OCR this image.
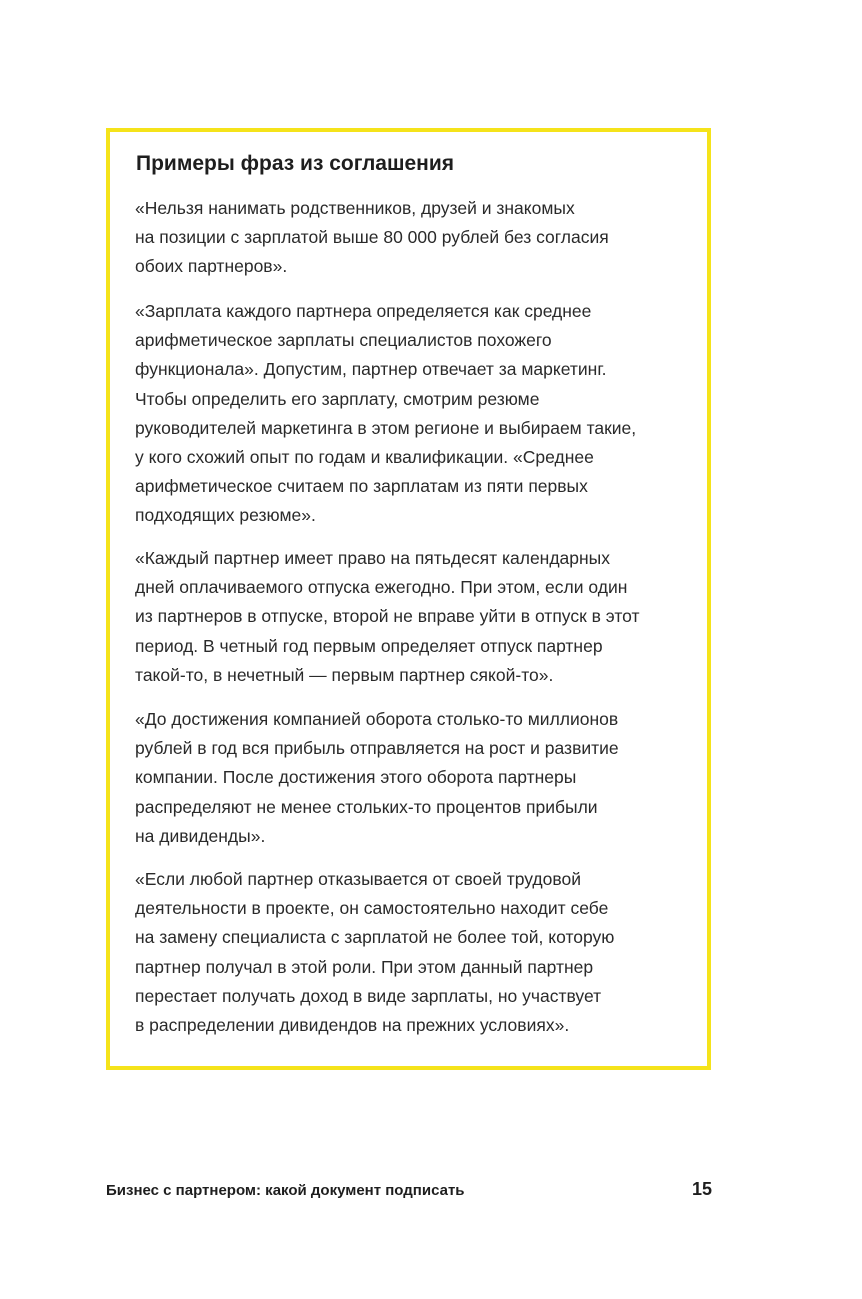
Примеры фраз из соглашения

«Нельзя нанимать родственников, друзей и знакомых
на позиции с зарплатой выше 80 000 рублей без согласия
обоих партнеров».

«Зарплата каждого партнера определяется как среднее
арифметическое зарплаты специалистов похожего
функционала». Допустим, партнер отвечает за маркетинг.
Чтобы определить его зарплату, смотрим резюме
руководителей маркетинга в этом регионе и выбираем такие,
у кого схожий опыт по годам и квалификации. «Среднее
арифметическое считаем по зарплатам из пяти первых
подходящих резюме».

«Каждый партнер имеет право на пятьдесят календарных
дней оплачиваемого отпуска ежегодно. При этом, если один
из партнеров в отпуске, второй не вправе уйти в отпуск в этот
период. В четный год первым определяет отпуск партнер
такой-то, в нечетный — первым партнер сякой-то».

«До достижения компанией оборота столько-то миллионов
рублей в год вся прибыль отправляется на рост и развитие
компании. После достижения этого оборота партнеры
распределяют не менее стольких-то процентов прибыли
на дивиденды».

«Если любой партнер отказывается от своей трудовой
деятельности в проекте, он самостоятельно находит себе
на замену специалиста с зарплатой не более той, которую
партнер получал в этой роли. При этом данный партнер
перестает получать доход в виде зарплаты, но участвует
в распределении дивидендов на прежних условиях».

Бизнес с партнером: какой документ подписать	15
